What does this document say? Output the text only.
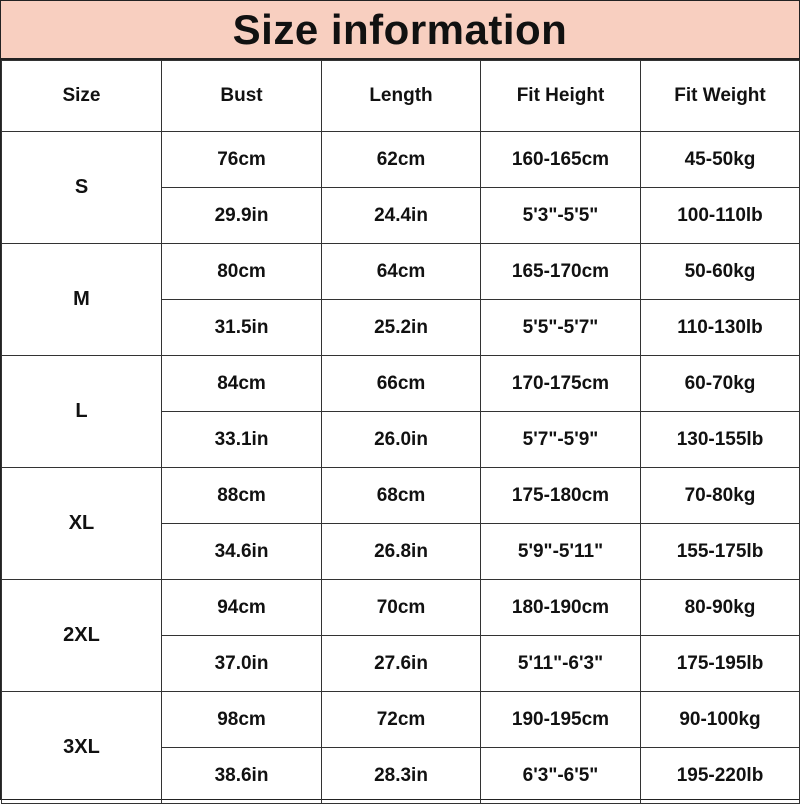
Size information
Size	Bust	Length	Fit Height	Fit Weight
S	76cm	62cm	160-165cm	45-50kg
	29.9in	24.4in	5'3"-5'5"	100-110lb
M	80cm	64cm	165-170cm	50-60kg
	31.5in	25.2in	5'5"-5'7"	110-130lb
L	84cm	66cm	170-175cm	60-70kg
	33.1in	26.0in	5'7"-5'9"	130-155lb
XL	88cm	68cm	175-180cm	70-80kg
	34.6in	26.8in	5'9"-5'11"	155-175lb
2XL	94cm	70cm	180-190cm	80-90kg
	37.0in	27.6in	5'11"-6'3"	175-195lb
3XL	98cm	72cm	190-195cm	90-100kg
	38.6in	28.3in	6'3"-6'5"	195-220lb
